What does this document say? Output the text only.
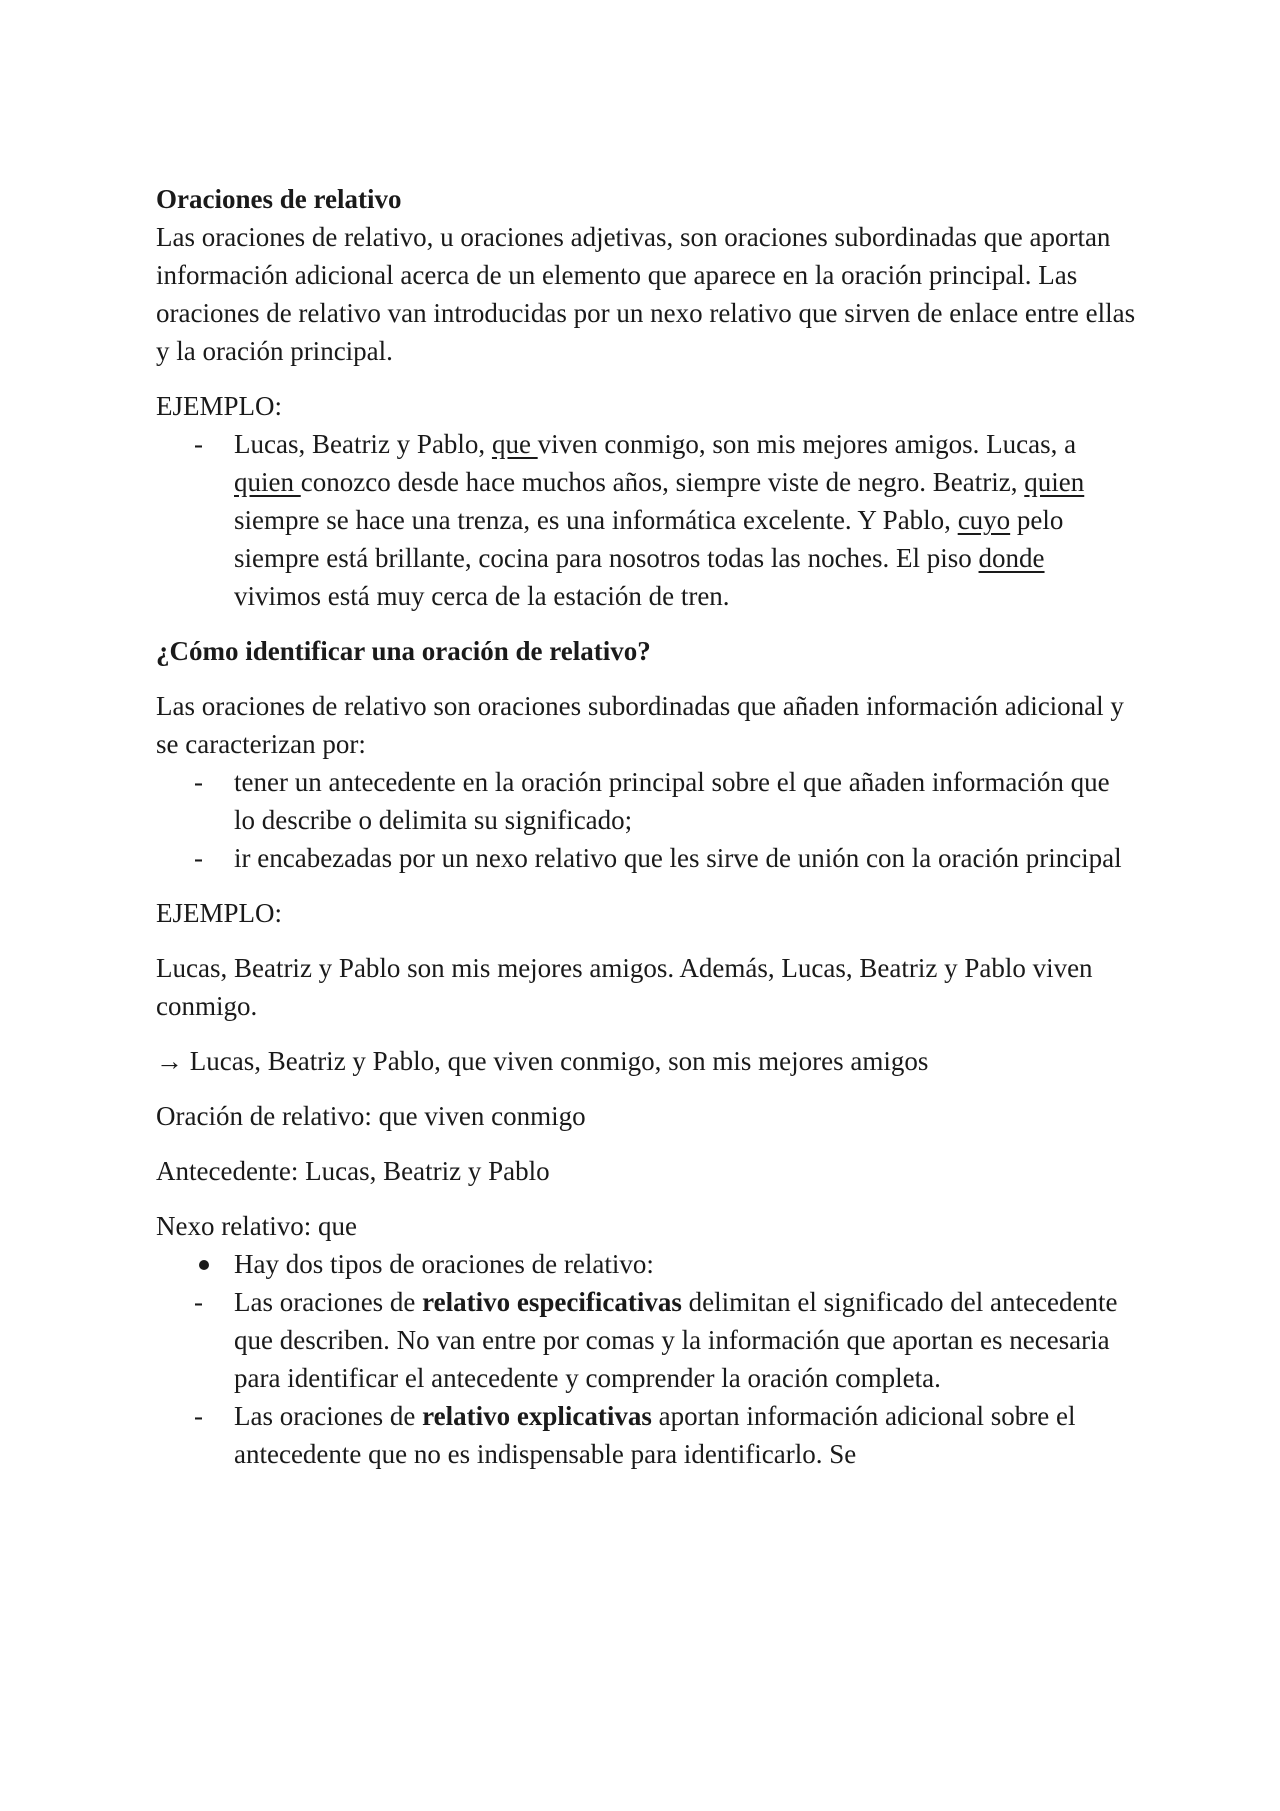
Oraciones de relativo

Las oraciones de relativo, u oraciones adjetivas, son oraciones subordinadas que aportan información adicional acerca de un elemento que aparece en la oración principal. Las oraciones de relativo van introducidas por un nexo relativo que sirven de enlace entre ellas y la oración principal.

EJEMPLO:

- Lucas, Beatriz y Pablo, que viven conmigo, son mis mejores amigos. Lucas, a quien conozco desde hace muchos años, siempre viste de negro. Beatriz, quien siempre se hace una trenza, es una informática excelente. Y Pablo, cuyo pelo siempre está brillante, cocina para nosotros todas las noches. El piso donde vivimos está muy cerca de la estación de tren.

¿Cómo identificar una oración de relativo?

Las oraciones de relativo son oraciones subordinadas que añaden información adicional y se caracterizan por:

- tener un antecedente en la oración principal sobre el que añaden información que lo describe o delimita su significado;
- ir encabezadas por un nexo relativo que les sirve de unión con la oración principal

EJEMPLO:

Lucas, Beatriz y Pablo son mis mejores amigos. Además, Lucas, Beatriz y Pablo viven conmigo.

→ Lucas, Beatriz y Pablo, que viven conmigo, son mis mejores amigos

Oración de relativo: que viven conmigo

Antecedente: Lucas, Beatriz y Pablo

Nexo relativo: que

Hay dos tipos de oraciones de relativo:
- Las oraciones de relativo especificativas delimitan el significado del antecedente que describen. No van entre por comas y la información que aportan es necesaria para identificar el antecedente y comprender la oración completa.
- Las oraciones de relativo explicativas aportan información adicional sobre el antecedente que no es indispensable para identificarlo. Se
